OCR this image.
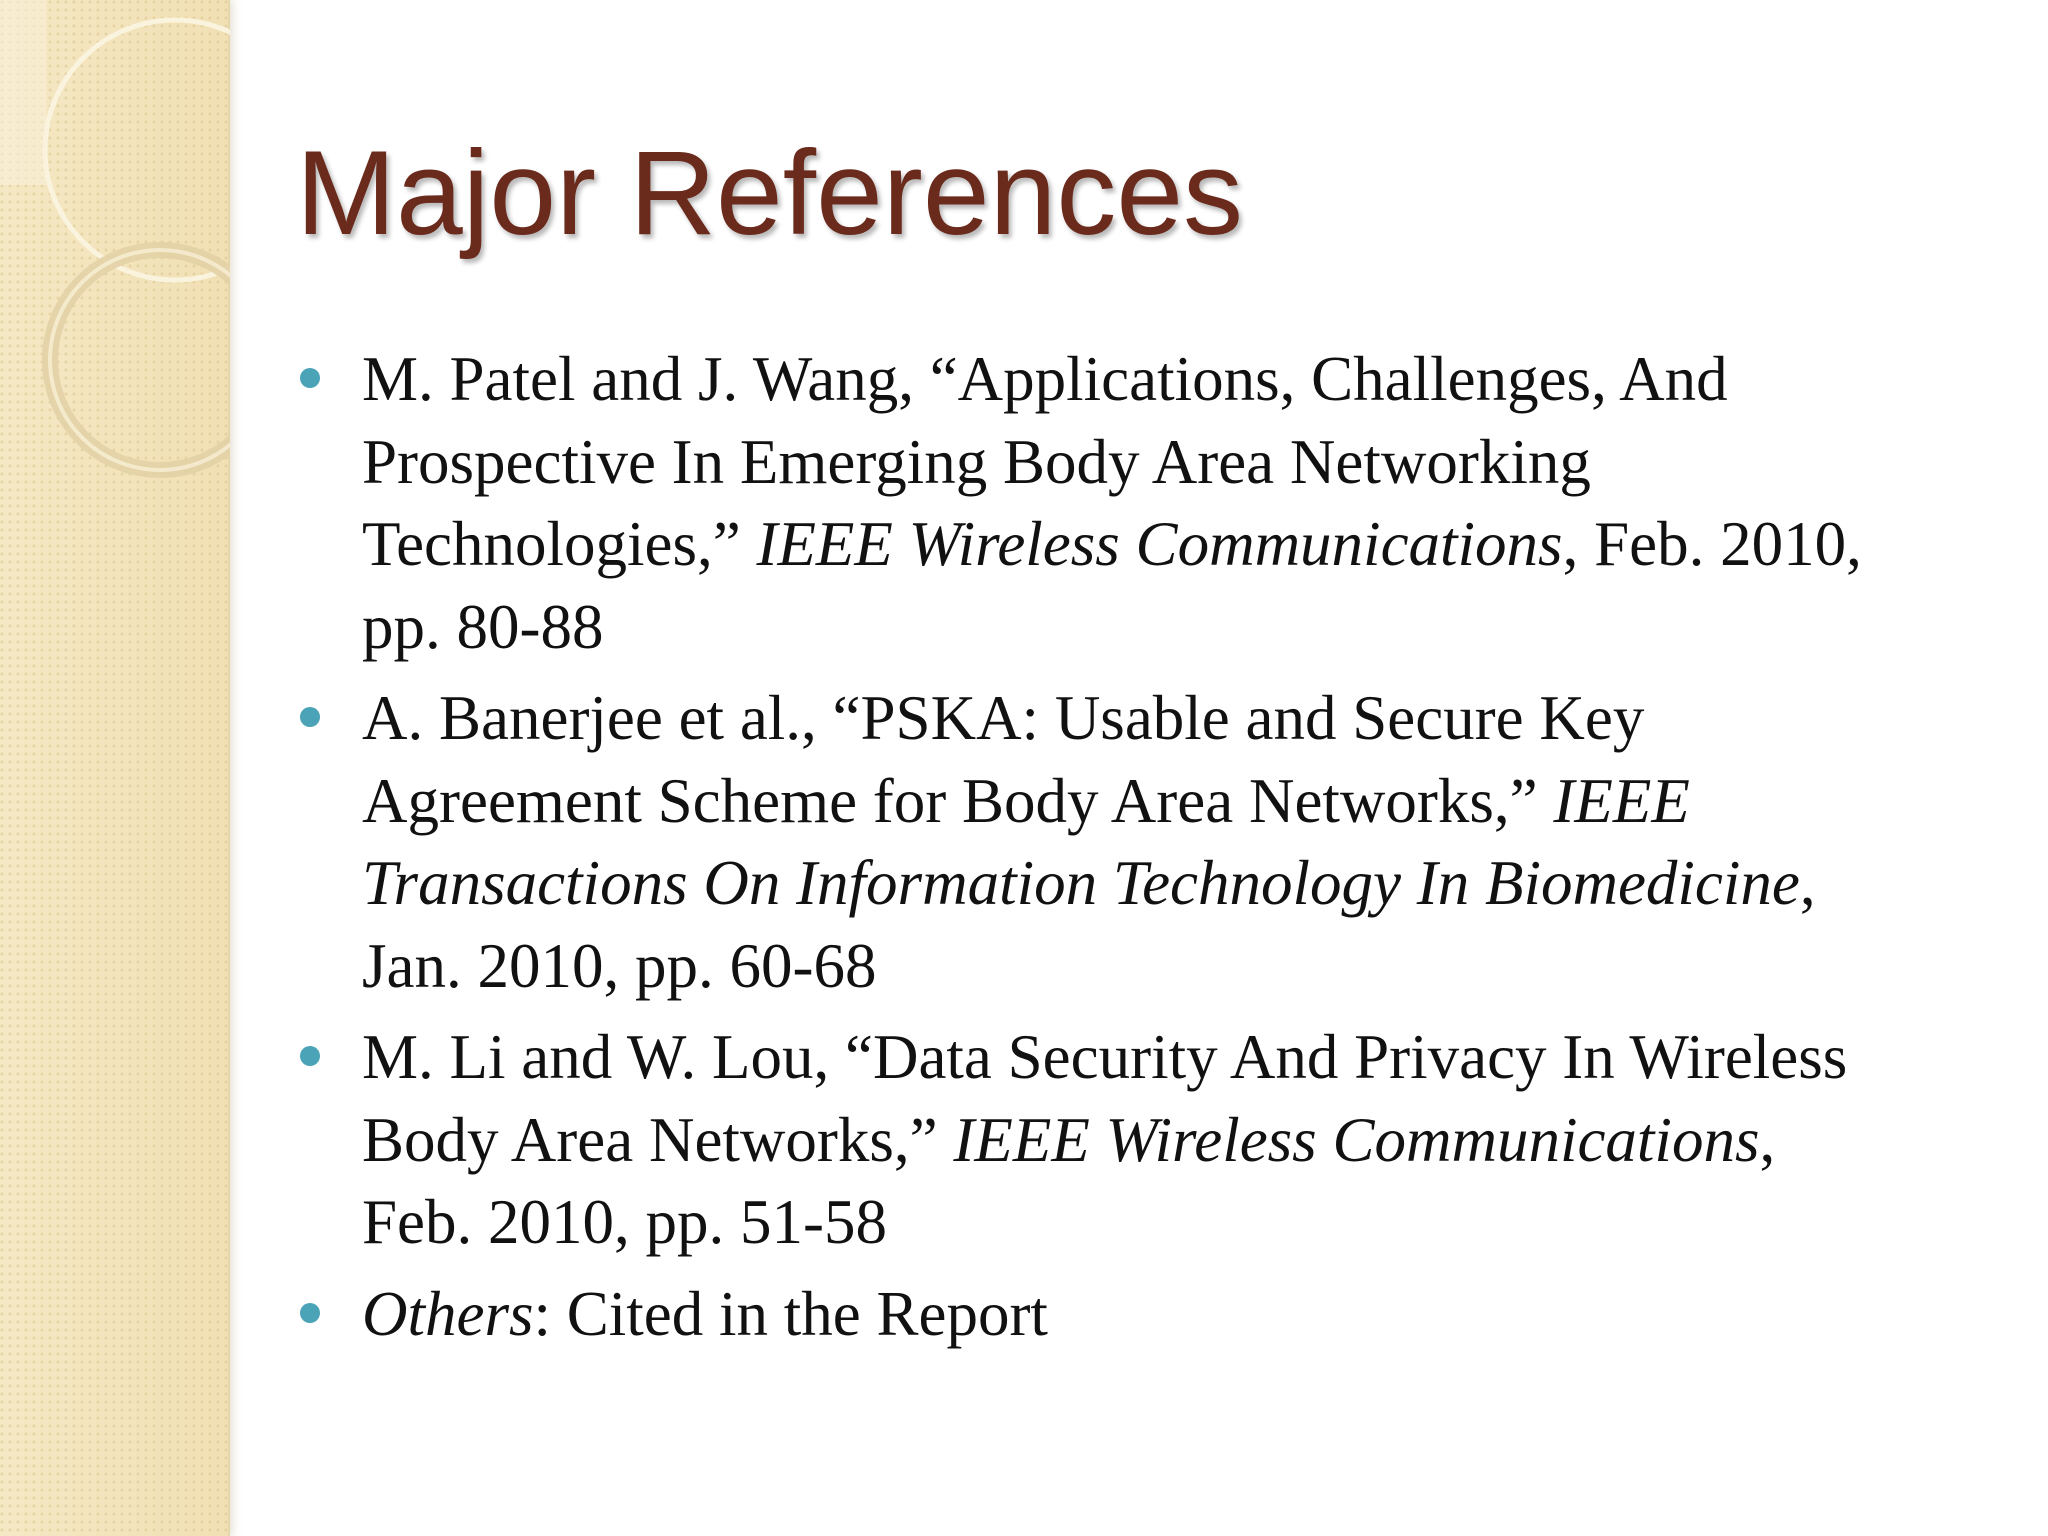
Major References
M. Patel and J. Wang, “Applications, Challenges, And Prospective In Emerging Body Area Networking Technologies,” IEEE Wireless Communications, Feb. 2010, pp. 80-88
A. Banerjee et al., “PSKA: Usable and Secure Key Agreement Scheme for Body Area Networks,” IEEE Transactions On Information Technology In Biomedicine, Jan. 2010, pp. 60-68
M. Li and W. Lou, “Data Security And Privacy In Wireless Body Area Networks,” IEEE Wireless Communications, Feb. 2010, pp. 51-58
Others: Cited in the Report
